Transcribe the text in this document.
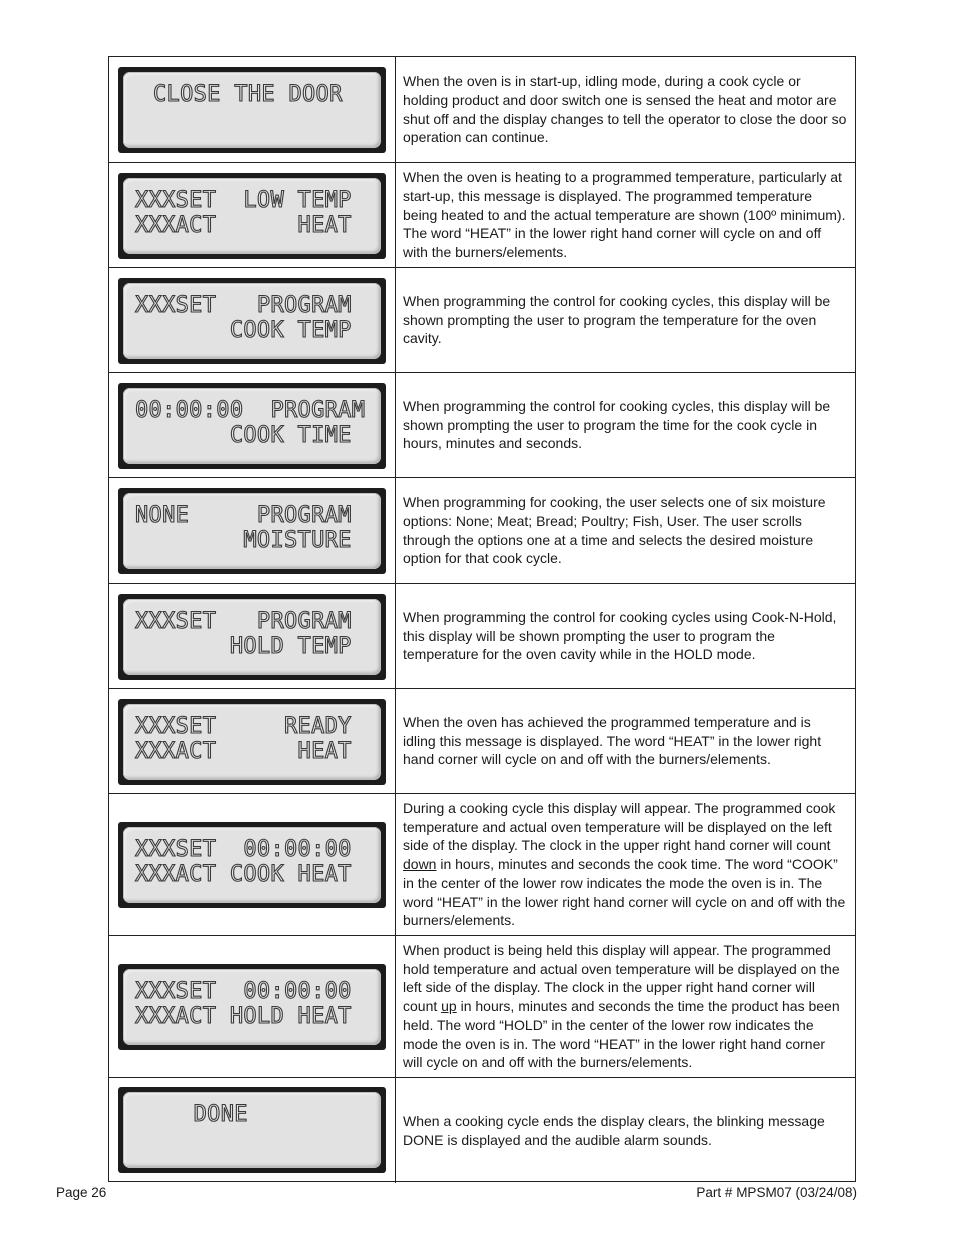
CLOSE THE DOOR
When the oven is in start-up, idling mode, during a cook cycle or holding product and door switch one is sensed the heat and motor are shut off and the display changes to tell the operator to close the door so operation can continue.
XXXSET  LOW TEMP
XXXACT      HEAT
When the oven is heating to a programmed temperature, particularly at start-up, this message is displayed. The programmed temperature being heated to and the actual temperature are shown (100º minimum). The word “HEAT” in the lower right hand corner will cycle on and off with the burners/elements.
XXXSET   PROGRAM
COOK TEMP
When programming the control for cooking cycles, this display will be shown prompting the user to program the temperature for the oven cavity.
00:00:00  PROGRAM
COOK TIME
When programming the control for cooking cycles, this display will be shown prompting the user to program the time for the cook cycle in hours, minutes and seconds.
NONE     PROGRAM
MOISTURE
When programming for cooking, the user selects one of six moisture options: None; Meat; Bread; Poultry; Fish, User. The user scrolls through the options one at a time and selects the desired moisture option for that cook cycle.
XXXSET   PROGRAM
HOLD TEMP
When programming the control for cooking cycles using Cook-N-Hold, this display will be shown prompting the user to program the temperature for the oven cavity while in the HOLD mode.
XXXSET     READY
XXXACT      HEAT
When the oven has achieved the programmed temperature and is idling this message is displayed. The word “HEAT” in the lower right hand corner will cycle on and off with the burners/elements.
XXXSET  00:00:00
XXXACT COOK HEAT
During a cooking cycle this display will appear. The programmed cook temperature and actual oven temperature will be displayed on the left side of the display. The clock in the upper right hand corner will count down in hours, minutes and seconds the cook time. The word “COOK” in the center of the lower row indicates the mode the oven is in. The word “HEAT” in the lower right hand corner will cycle on and off with the burners/elements.
XXXSET  00:00:00
XXXACT HOLD HEAT
When product is being held this display will appear. The programmed hold temperature and actual oven temperature will be displayed on the left side of the display. The clock in the upper right hand corner will count up in hours, minutes and seconds the time the product has been held. The word “HOLD” in the center of the lower row indicates the mode the oven is in. The word “HEAT” in the lower right hand corner will cycle on and off with the burners/elements.
DONE	When a cooking cycle ends the display clears, the blinking message DONE is displayed and the audible alarm sounds.
Page 26	Part # MPSM07 (03/24/08)
